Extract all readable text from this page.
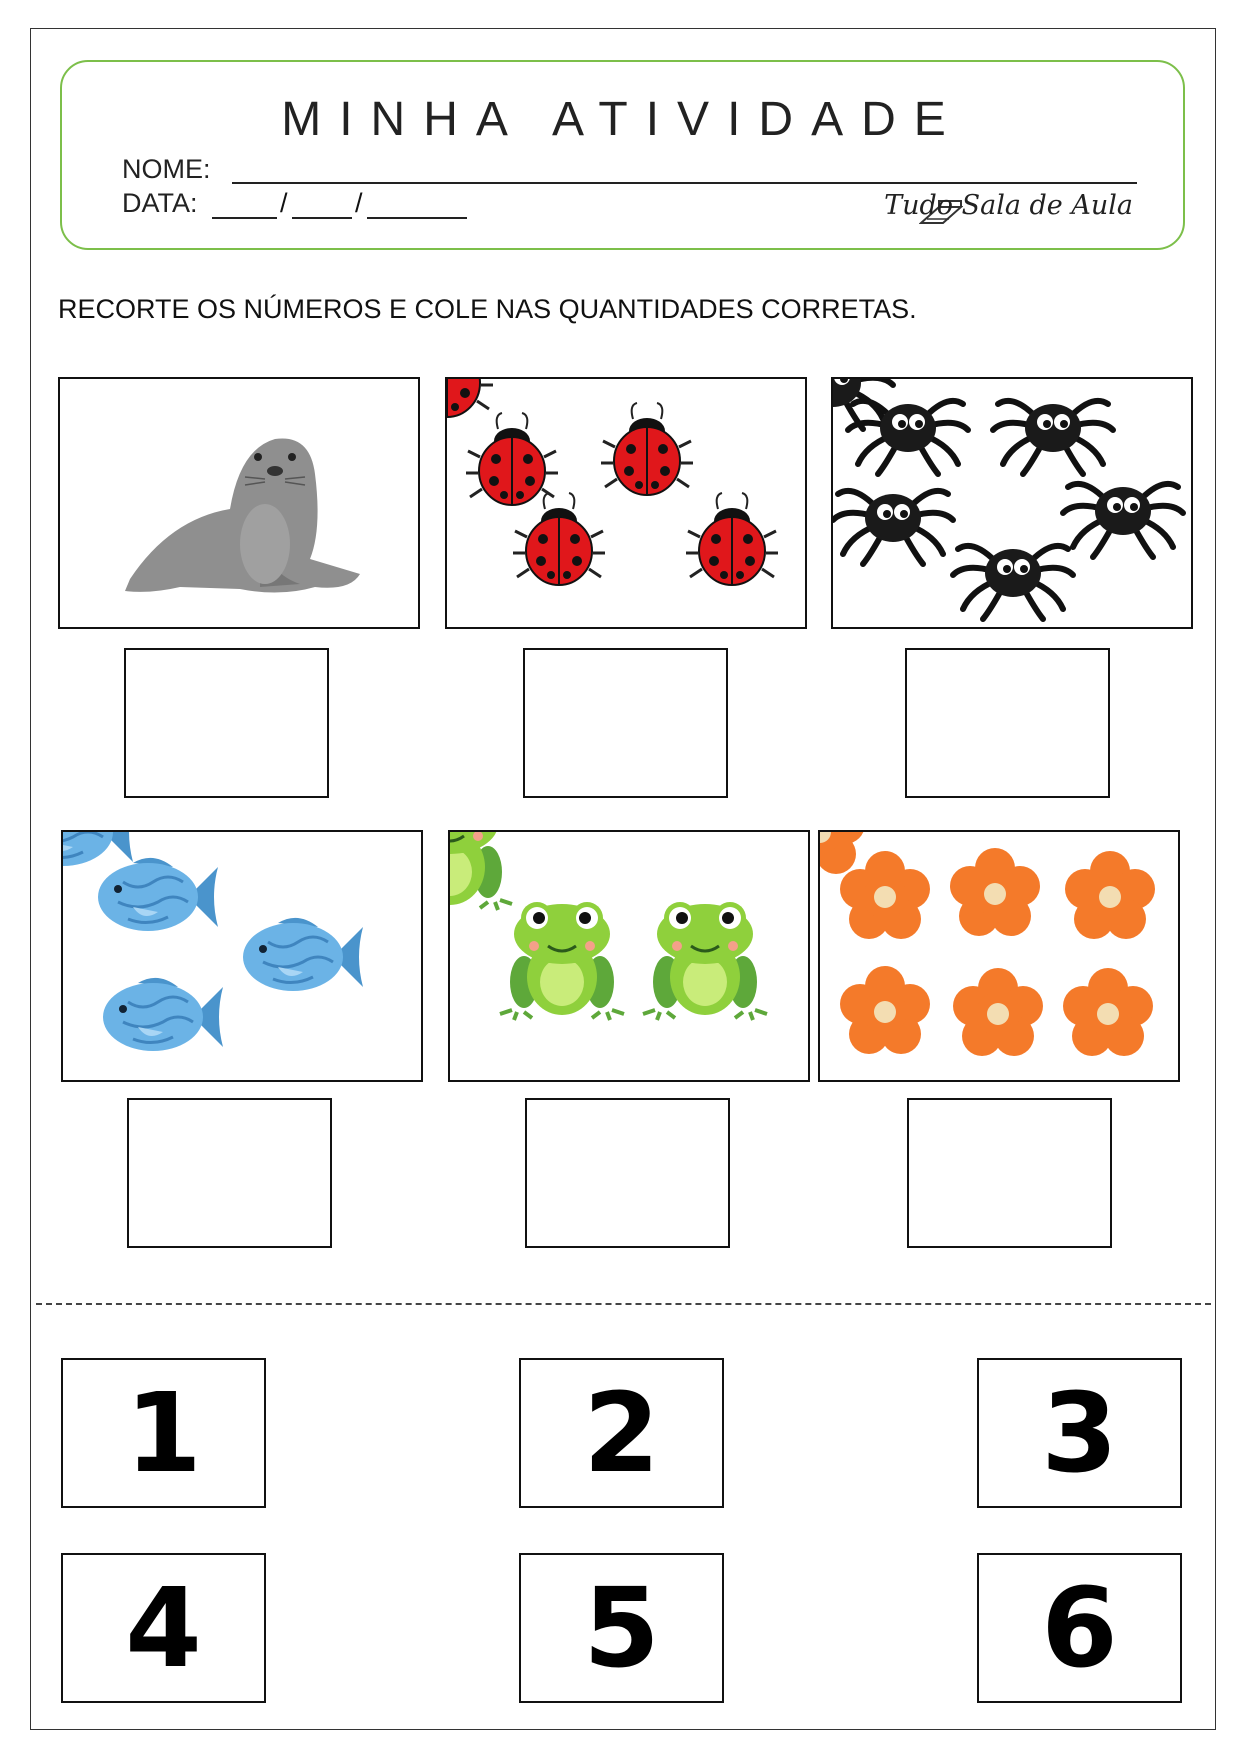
MINHA ATIVIDADE
NOME:
DATA:	/ /	Tudo Sala de Aula
RECORTE OS NÚMEROS E COLE NAS QUANTIDADES CORRETAS.
1	2	3
4	5	6
